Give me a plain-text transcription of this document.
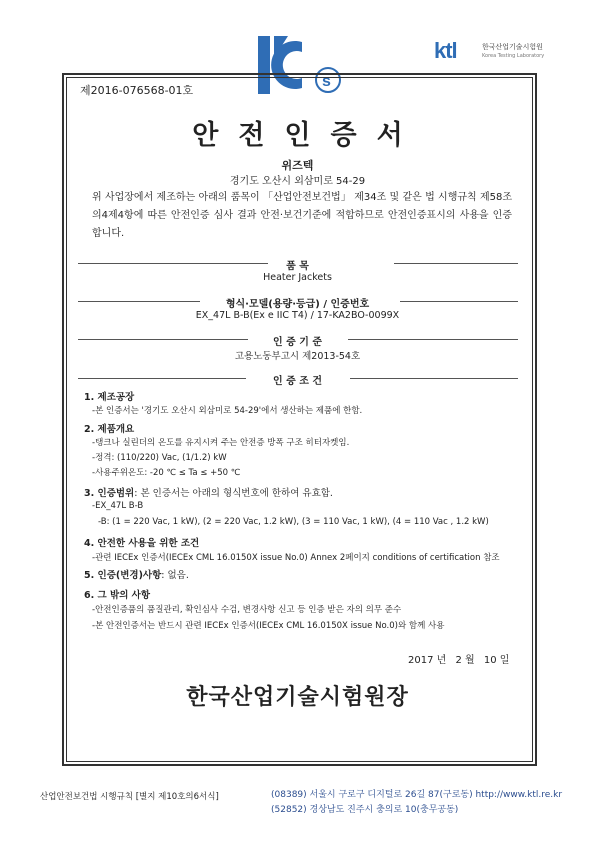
s
ktl	한국산업기술시험원
Korea Testing Laboratory
제2016-076568-01호
안전인증서
위즈텍
경기도 오산시 외삼미로 54-29
위 사업장에서 제조하는 아래의 품목이 「산업안전보건법」 제34조 및 같은 법 시행규칙 제58조의4제4항에 따른 안전인증 심사 결과 안전·보건기준에 적합하므로 안전인증표시의 사용을 인증합니다.
품 목
Heater Jackets
형식·모델(용량·등급) / 인증번호
EX_47L B-B(Ex e IIC T4) / 17-KA2BO-0099X
인 증 기 준
고용노동부고시 제2013-54호
인 증 조 건
1. 제조공장
-본 인증서는 '경기도 오산시 외삼미로 54-29'에서 생산하는 제품에 한함.
2. 제품개요
-탱크나 실린더의 온도를 유지시켜 주는 안전증 방폭 구조 히터자켓임.
-정격: (110/220) Vac, (1/1.2) kW
-사용주위온도: -20 ℃ ≤ Ta ≤ +50 ℃
3. 인증범위: 본 인증서는 아래의 형식번호에 한하여 유효함.
-EX_47L B-B
-B: (1 = 220 Vac, 1 kW), (2 = 220 Vac, 1.2 kW), (3 = 110 Vac, 1 kW), (4 = 110 Vac , 1.2 kW)
4. 안전한 사용을 위한 조건
-관련 IECEx 인증서(IECEx CML 16.0150X issue No.0) Annex 2페이지 conditions of certification 참조
5. 인증(변경)사항: 없음.
6. 그 밖의 사항
-안전인증품의 품질관리, 확인심사 수검, 변경사항 신고 등 인증 받은 자의 의무 준수
-본 안전인증서는 반드시 관련 IECEx 인증서(IECEx CML 16.0150X issue No.0)와 함께 사용
2017 년 2 월 10 일
한국산업기술시험원장
산업안전보건법 시행규칙 [별지 제10호의6서식]	(08389) 서울시 구로구 디지털로 26길 87(구로동) http://www.ktl.re.kr
(52852) 경상남도 진주시 충의로 10(충무공동)
